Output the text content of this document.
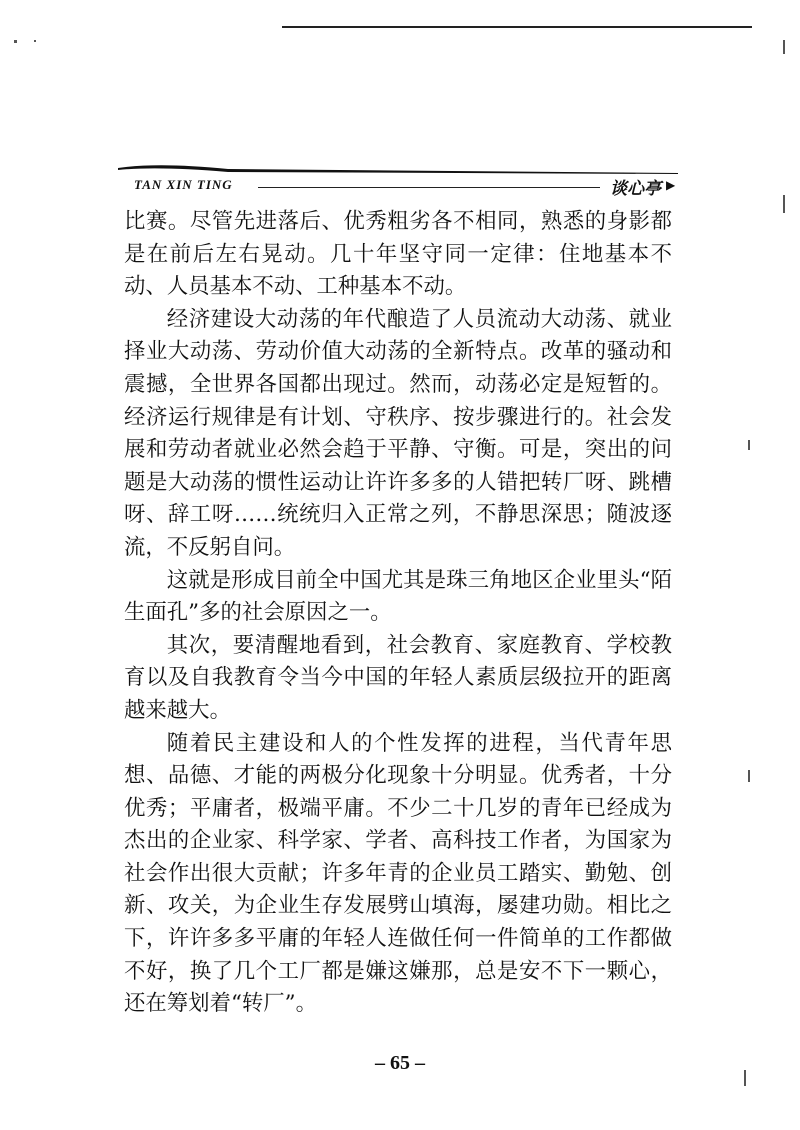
TAN XIN TING	谈心亭 ▶

比赛。尽管先进落后、优秀粗劣各不相同，熟悉的身影都是在前后左右晃动。几十年坚守同一定律：住地基本不动、人员基本不动、工种基本不动。

经济建设大动荡的年代酿造了人员流动大动荡、就业择业大动荡、劳动价值大动荡的全新特点。改革的骚动和震撼，全世界各国都出现过。然而，动荡必定是短暂的。经济运行规律是有计划、守秩序、按步骤进行的。社会发展和劳动者就业必然会趋于平静、守衡。可是，突出的问题是大动荡的惯性运动让许许多多的人错把转厂呀、跳槽呀、辞工呀……统统归入正常之列，不静思深思；随波逐流，不反躬自问。

这就是形成目前全中国尤其是珠三角地区企业里头“陌生面孔”多的社会原因之一。

其次，要清醒地看到，社会教育、家庭教育、学校教育以及自我教育令当今中国的年轻人素质层级拉开的距离越来越大。

随着民主建设和人的个性发挥的进程，当代青年思想、品德、才能的两极分化现象十分明显。优秀者，十分优秀；平庸者，极端平庸。不少二十几岁的青年已经成为杰出的企业家、科学家、学者、高科技工作者，为国家为社会作出很大贡献；许多年青的企业员工踏实、勤勉、创新、攻关，为企业生存发展劈山填海，屡建功勋。相比之下，许许多多平庸的年轻人连做任何一件简单的工作都做不好，换了几个工厂都是嫌这嫌那，总是安不下一颗心，还在筹划着“转厂”。

– 65 –
